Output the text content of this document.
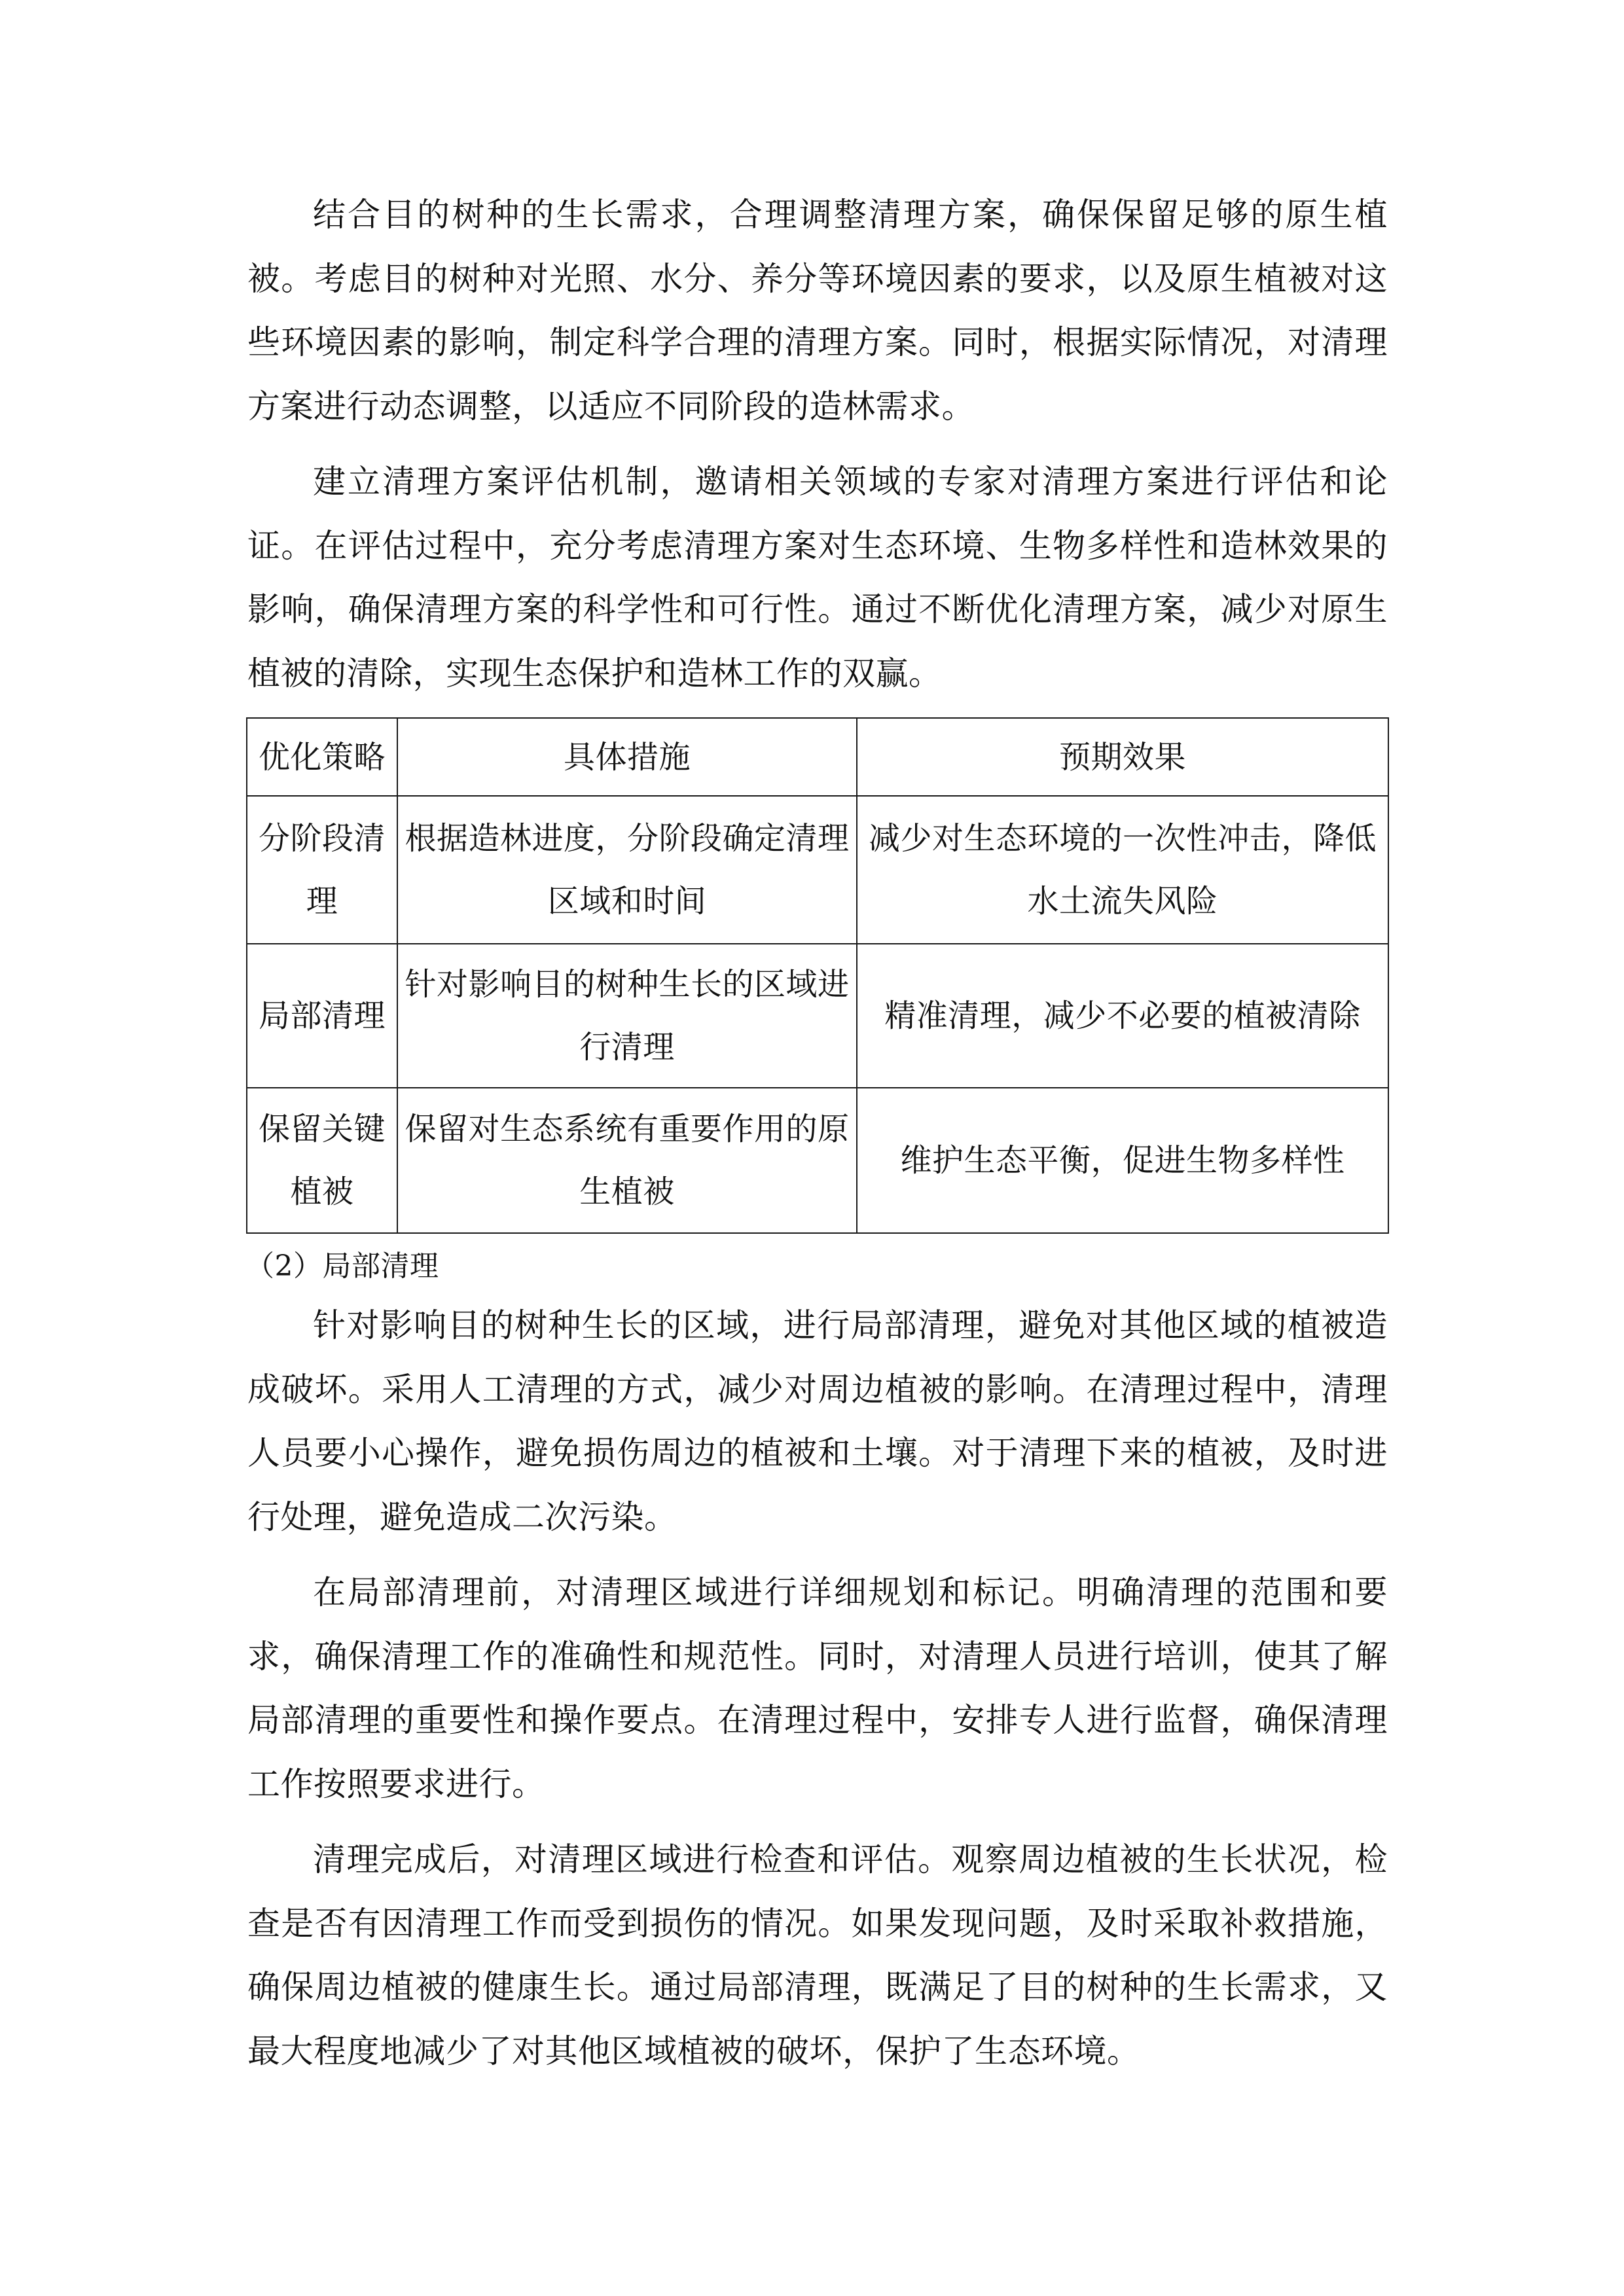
结合目的树种的生长需求，合理调整清理方案，确保保留足够的原生植被。考虑目的树种对光照、水分、养分等环境因素的要求，以及原生植被对这些环境因素的影响，制定科学合理的清理方案。同时，根据实际情况，对清理方案进行动态调整，以适应不同阶段的造林需求。

建立清理方案评估机制，邀请相关领域的专家对清理方案进行评估和论证。在评估过程中，充分考虑清理方案对生态环境、生物多样性和造林效果的影响，确保清理方案的科学性和可行性。通过不断优化清理方案，减少对原生植被的清除，实现生态保护和造林工作的双赢。

优化策略	具体措施	预期效果
分阶段清理	根据造林进度，分阶段确定清理区域和时间	减少对生态环境的一次性冲击，降低水土流失风险
局部清理	针对影响目的树种生长的区域进行清理	精准清理，减少不必要的植被清除
保留关键植被	保留对生态系统有重要作用的原生植被	维护生态平衡，促进生物多样性
（2）局部清理

针对影响目的树种生长的区域，进行局部清理，避免对其他区域的植被造成破坏。采用人工清理的方式，减少对周边植被的影响。在清理过程中，清理人员要小心操作，避免损伤周边的植被和土壤。对于清理下来的植被，及时进行处理，避免造成二次污染。

在局部清理前，对清理区域进行详细规划和标记。明确清理的范围和要求，确保清理工作的准确性和规范性。同时，对清理人员进行培训，使其了解局部清理的重要性和操作要点。在清理过程中，安排专人进行监督，确保清理工作按照要求进行。

清理完成后，对清理区域进行检查和评估。观察周边植被的生长状况，检查是否有因清理工作而受到损伤的情况。如果发现问题，及时采取补救措施，确保周边植被的健康生长。通过局部清理，既满足了目的树种的生长需求，又最大程度地减少了对其他区域植被的破坏，保护了生态环境。
